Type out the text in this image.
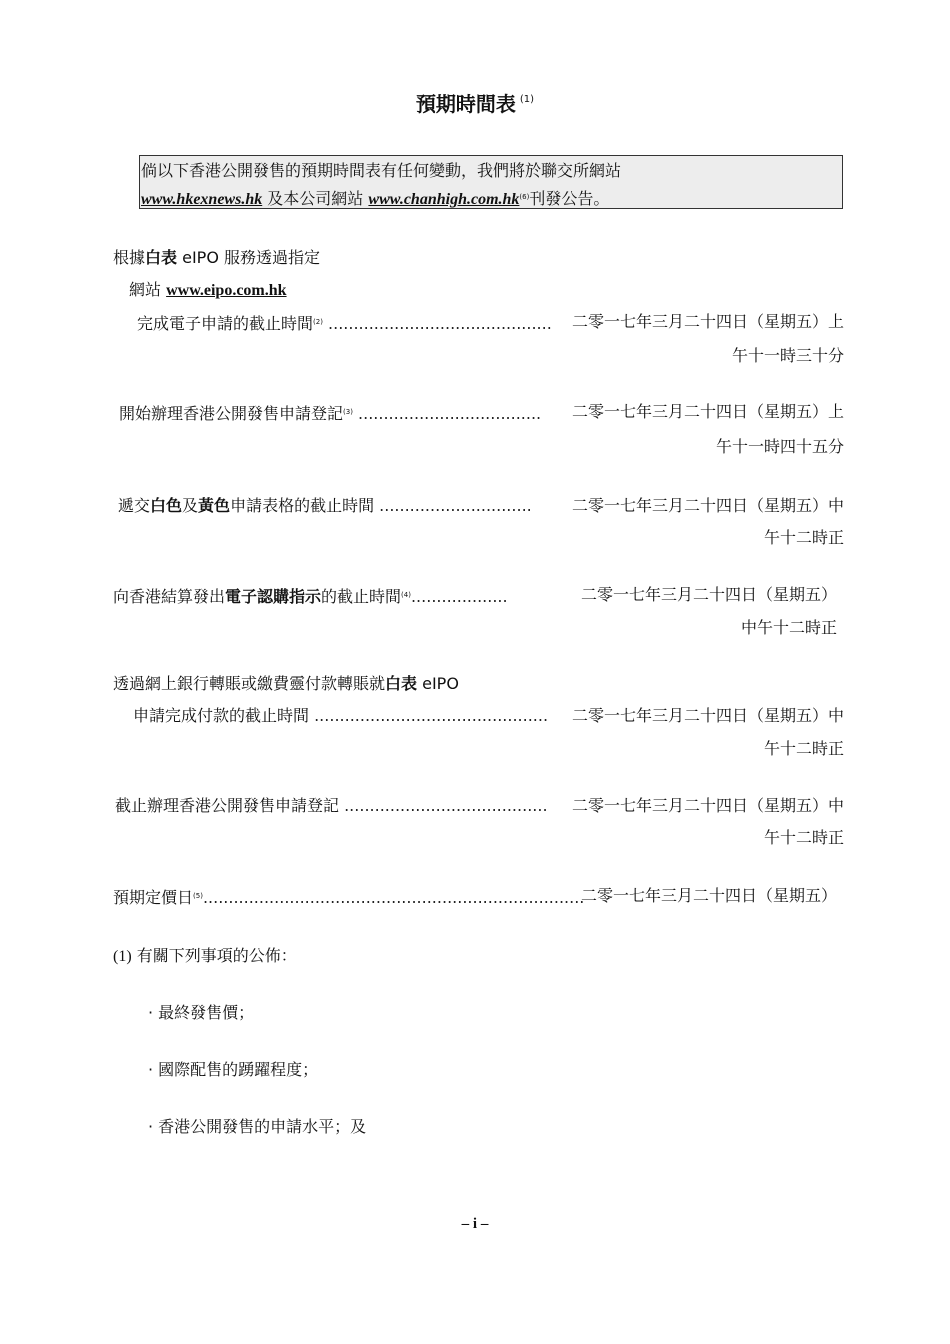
預期時間表 $^{(1)}$
倘以下香港公開發售的預期時間表有任何變動，我們將於聯交所網站
www.hkexnews.hk 及本公司網站 www.chanhigh.com.hk$^{(6)}$刊發公告。
根據白表 eIPO 服務透過指定
網站 www.eipo.com.hk
完成電子申請的截止時間$^{(2)}$ ............................................ 二零一七年三月二十四日（星期五）上
午十一時三十分
開始辦理香港公開發售申請登記$^{(3)}$ .................................... 二零一七年三月二十四日（星期五）上
午十一時四十五分
遞交白色及黃色申請表格的截止時間 ..............................	二零一七年三月二十四日（星期五）中
午十二時正
向香港結算發出電子認購指示的截止時間$^{(4)}$...................	二零一七年三月二十四日（星期五）
中午十二時正
透過網上銀行轉賬或繳費靈付款轉賬就白表 eIPO
申請完成付款的截止時間 .............................................. 二零一七年三月二十四日（星期五）中
午十二時正
截止辦理香港公開發售申請登記 ........................................ 二零一七年三月二十四日（星期五）中
午十二時正
預期定價日$^{(5)}$...........................................................................
二零一七年三月二十四日（星期五）
(1) 有關下列事項的公佈：
· 最終發售價；
· 國際配售的踴躍程度；
· 香港公開發售的申請水平；及
– i –
